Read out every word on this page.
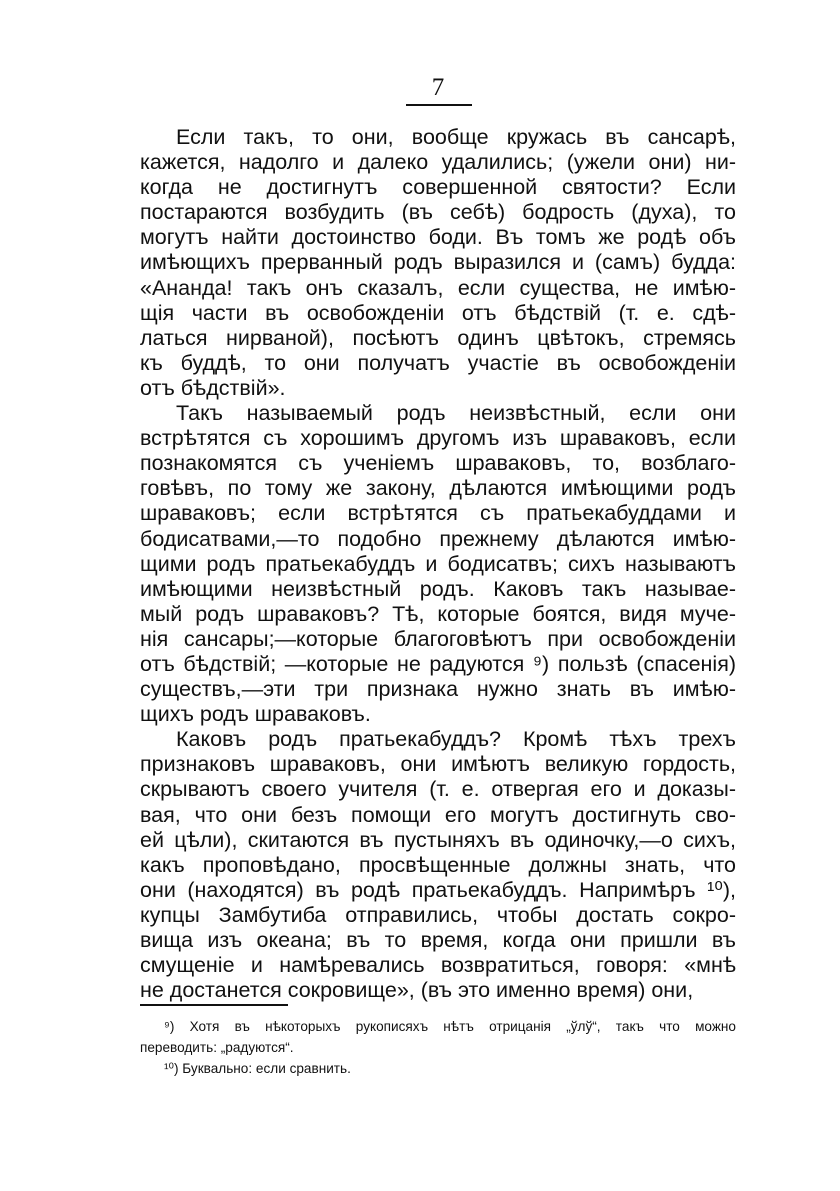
7
Если такъ, то они, вообще кружась въ сансарѣ,
кажется, надолго и далеко удалились; (ужели они) ни-
когда не достигнутъ совершенной святости? Если
постараются возбудить (въ себѣ) бодрость (духа), то
могутъ найти достоинство боди. Въ томъ же родѣ объ
имѣющихъ прерванный родъ выразился и (самъ) будда:
«Ананда! такъ онъ сказалъ, если существа, не имѣю-
щія части въ освобожденіи отъ бѣдствій (т. е. сдѣ-
латься нирваной), посѣютъ одинъ цвѣтокъ, стремясь
къ буддѣ, то они получатъ участіе въ освобожденіи
отъ бѣдствій».
Такъ называемый родъ неизвѣстный, если они
встрѣтятся съ хорошимъ другомъ изъ шраваковъ, если
познакомятся съ ученіемъ шраваковъ, то, возблаго-
говѣвъ, по тому же закону, дѣлаются имѣющими родъ
шраваковъ; если встрѣтятся съ пратьекабуддами и
бодисатвами,—то подобно прежнему дѣлаются имѣю-
щими родъ пратьекабуддъ и бодисатвъ; сихъ называютъ
имѣющими неизвѣстный родъ. Каковъ такъ называе-
мый родъ шраваковъ? Тѣ, которые боятся, видя муче-
нія сансары;—которые благоговѣютъ при освобожденіи
отъ бѣдствій; —которые не радуются ⁹) пользѣ (спасенія)
существъ,—эти три признака нужно знать въ имѣю-
щихъ родъ шраваковъ.
Каковъ родъ пратьекабуддъ? Кромѣ тѣхъ трехъ
признаковъ шраваковъ, они имѣютъ великую гордость,
скрываютъ своего учителя (т. е. отвергая его и доказы-
вая, что они безъ помощи его могутъ достигнуть сво-
ей цѣли), скитаются въ пустыняхъ въ одиночку,—о сихъ,
какъ проповѣдано, просвѣщенные должны знать, что
они (находятся) въ родѣ пратьекабуддъ. Напримѣръ ¹⁰),
купцы Замбутиба отправились, чтобы достать сокро-
вища изъ океана; въ то время, когда они пришли въ
смущеніе и намѣревались возвратиться, говоря: «мнѣ
не достанется сокровище», (въ это именно время) они,
⁹) Хотя въ нѣкоторыхъ рукописяхъ нѣтъ отрицанія „ўлў“, такъ что можно
переводить: „радуются“.
¹⁰) Буквально: если сравнить.
